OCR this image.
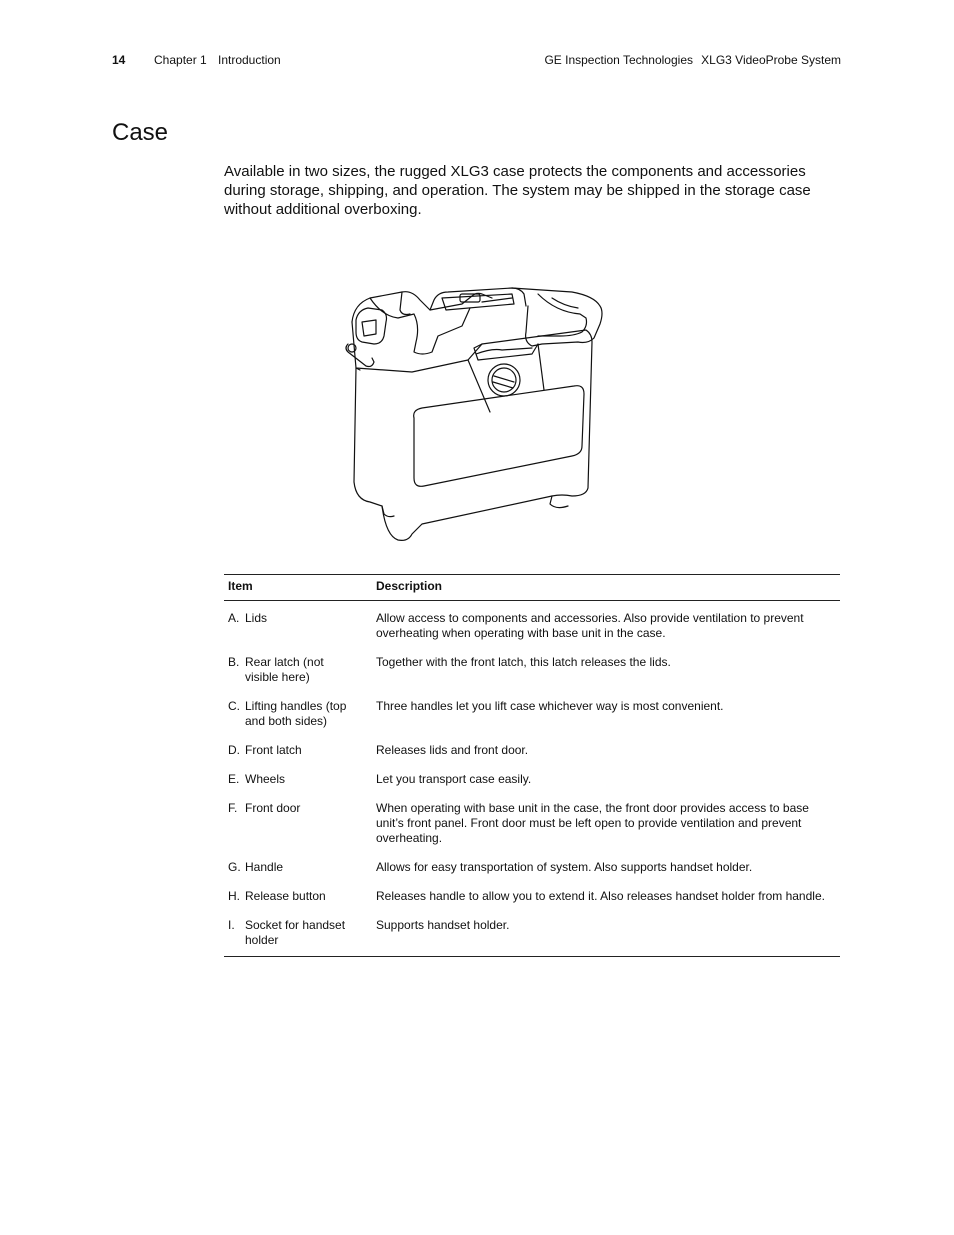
14 Chapter 1 Introduction	GE Inspection Technologies XLG3 VideoProbe System
Case

Available in two sizes, the rugged XLG3 case protects the components and accessories during storage, shipping, and operation. The system may be shipped in the storage case without additional overboxing.

Item	Description
A. Lids	Allow access to components and accessories. Also provide ventilation to prevent overheating when operating with base unit in the case.

B. Rear latch (not visible here)	Together with the front latch, this latch releases the lids.

C. Lifting handles (top and both sides)	Three handles let you lift case whichever way is most convenient.

D. Front latch	Releases lids and front door.

E. Wheels	Let you transport case easily.

F. Front door	When operating with base unit in the case, the front door provides access to base unit’s front panel. Front door must be left open to provide ventilation and prevent overheating.

G. Handle	Allows for easy transportation of system. Also supports handset holder.

H. Release button	Releases handle to allow you to extend it. Also releases handset holder from handle.

I. Socket for handset holder	Supports handset holder.
